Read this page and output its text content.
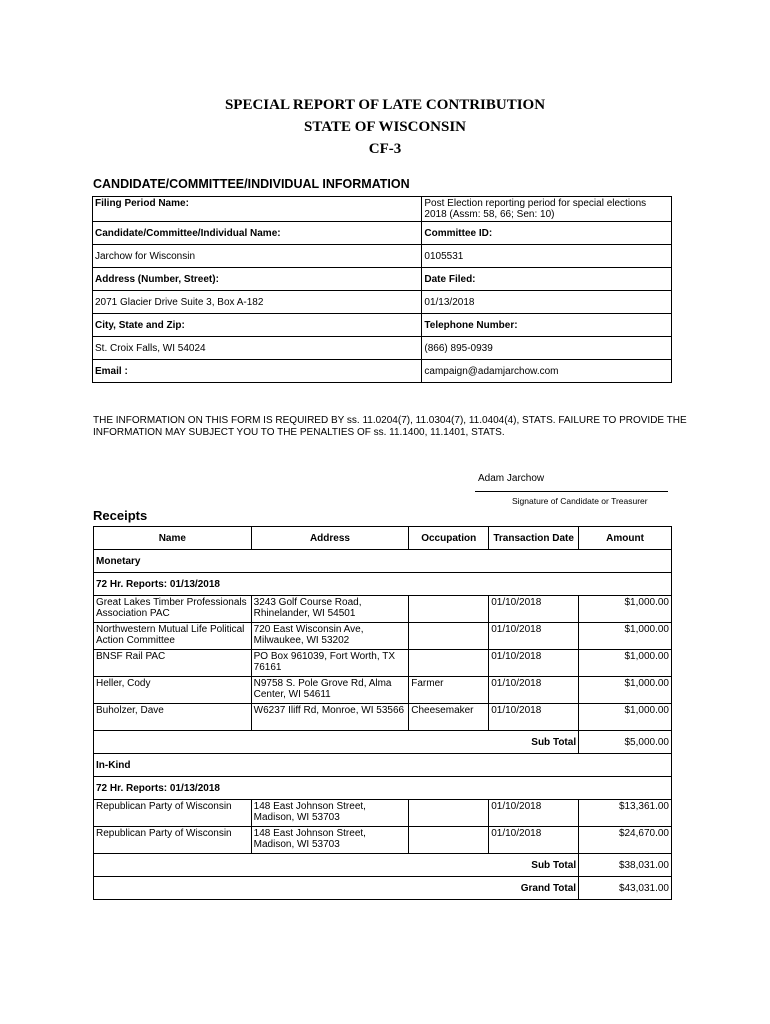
SPECIAL REPORT OF LATE CONTRIBUTION
STATE OF WISCONSIN
CF-3
CANDIDATE/COMMITTEE/INDIVIDUAL INFORMATION
Filing Period Name:	Post Election reporting period for special elections 2018 (Assm: 58, 66; Sen: 10)
Candidate/Committee/Individual Name:	Committee ID:
Jarchow for Wisconsin	0105531
Address (Number, Street):	Date Filed:
2071 Glacier Drive Suite 3, Box A-182	01/13/2018
City, State and Zip:	Telephone Number:
St. Croix Falls, WI 54024	(866) 895-0939
Email :	campaign@adamjarchow.com
THE INFORMATION ON THIS FORM IS REQUIRED BY ss. 11.0204(7), 11.0304(7), 11.0404(4), STATS. FAILURE TO PROVIDE THE INFORMATION MAY SUBJECT YOU TO THE PENALTIES OF ss. 11.1400, 11.1401, STATS.
Adam Jarchow
Signature of Candidate or Treasurer
Receipts
Name	Address	Occupation	Transaction Date	Amount
Monetary				
72 Hr. Reports: 01/13/2018				
Great Lakes Timber Professionals Association PAC	3243 Golf Course Road, Rhinelander, WI 54501		01/10/2018	$1,000.00
Northwestern Mutual Life Political Action Committee	720 East Wisconsin Ave, Milwaukee, WI 53202		01/10/2018	$1,000.00
BNSF Rail PAC	PO Box 961039, Fort Worth, TX 76161		01/10/2018	$1,000.00
Heller, Cody	N9758 S. Pole Grove Rd, Alma Center, WI 54611	Farmer	01/10/2018	$1,000.00
Buholzer, Dave	W6237 Iliff Rd, Monroe, WI 53566	Cheesemaker	01/10/2018	$1,000.00
Sub Total				$5,000.00
In-Kind				
72 Hr. Reports: 01/13/2018				
Republican Party of Wisconsin	148 East Johnson Street, Madison, WI 53703		01/10/2018	$13,361.00
Republican Party of Wisconsin	148 East Johnson Street, Madison, WI 53703		01/10/2018	$24,670.00
Sub Total				$38,031.00
Grand Total				$43,031.00
